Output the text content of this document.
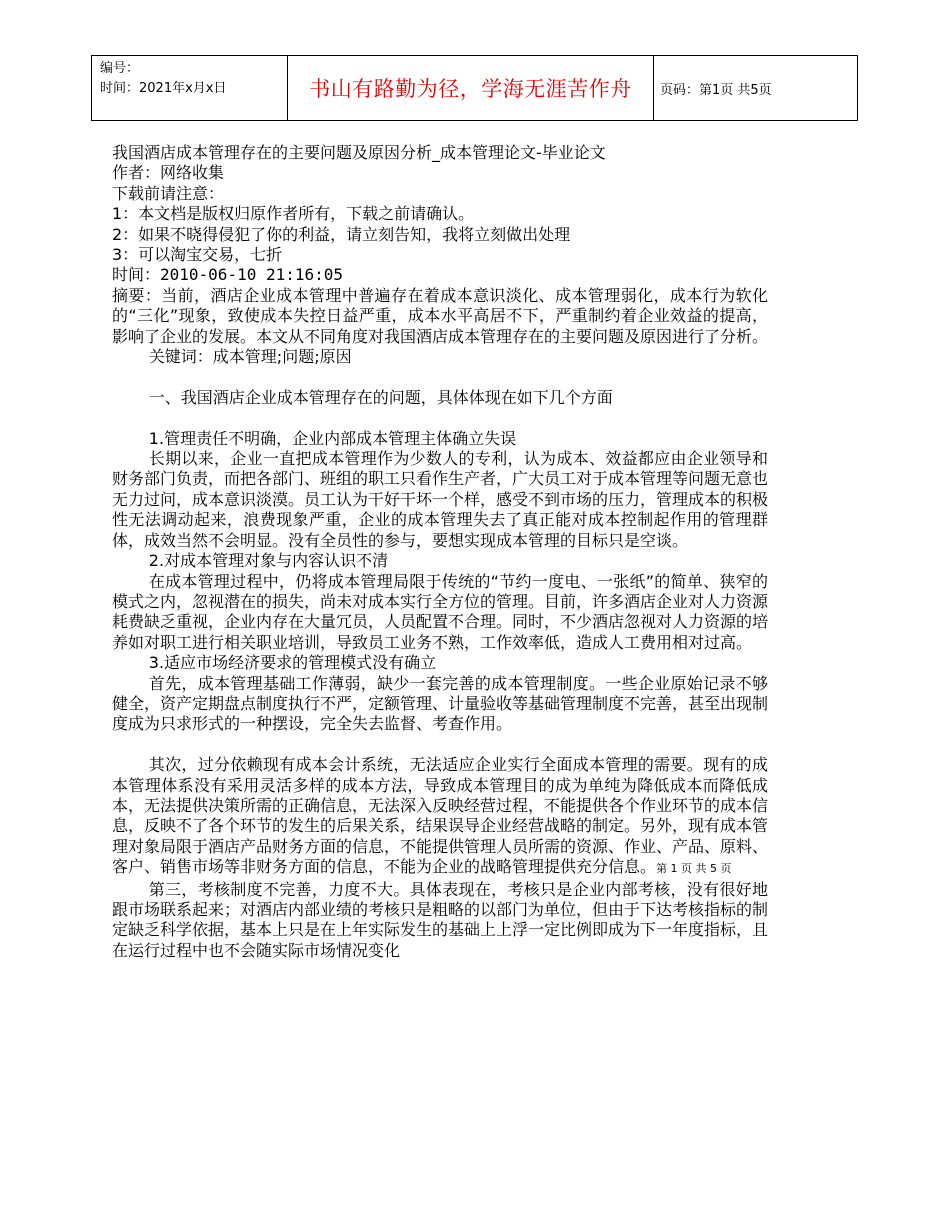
编号：
时间：2021年x月x日	书山有路勤为径，学海无涯苦作舟	页码：第1页 共5页

我国酒店成本管理存在的主要问题及原因分析_成本管理论文-毕业论文

作者：网络收集

下载前请注意：

1：本文档是版权归原作者所有，下载之前请确认。

2：如果不晓得侵犯了你的利益，请立刻告知，我将立刻做出处理

3：可以淘宝交易，七折

时间：2010-06-10 21:16:05

摘要：当前，酒店企业成本管理中普遍存在着成本意识淡化、成本管理弱化，成本行为软化的“三化”现象，致使成本失控日益严重，成本水平高居不下，严重制约着企业效益的提高，影响了企业的发展。本文从不同角度对我国酒店成本管理存在的主要问题及原因进行了分析。

关键词：成本管理;问题;原因

一、我国酒店企业成本管理存在的问题，具体体现在如下几个方面

1.管理责任不明确，企业内部成本管理主体确立失误

长期以来，企业一直把成本管理作为少数人的专利，认为成本、效益都应由企业领导和财务部门负责，而把各部门、班组的职工只看作生产者，广大员工对于成本管理等问题无意也无力过问，成本意识淡漠。员工认为干好干坏一个样，感受不到市场的压力，管理成本的积极性无法调动起来，浪费现象严重，企业的成本管理失去了真正能对成本控制起作用的管理群体，成效当然不会明显。没有全员性的参与，要想实现成本管理的目标只是空谈。

2.对成本管理对象与内容认识不清

在成本管理过程中，仍将成本管理局限于传统的“节约一度电、一张纸”的简单、狭窄的模式之内，忽视潜在的损失，尚未对成本实行全方位的管理。目前，许多酒店企业对人力资源耗费缺乏重视，企业内存在大量冗员，人员配置不合理。同时，不少酒店忽视对人力资源的培养如对职工进行相关职业培训，导致员工业务不熟，工作效率低，造成人工费用相对过高。

3.适应市场经济要求的管理模式没有确立

首先，成本管理基础工作薄弱，缺少一套完善的成本管理制度。一些企业原始记录不够健全，资产定期盘点制度执行不严，定额管理、计量验收等基础管理制度不完善，甚至出现制度成为只求形式的一种摆设，完全失去监督、考查作用。

其次，过分依赖现有成本会计系统，无法适应企业实行全面成本管理的需要。现有的成本管理体系没有采用灵活多样的成本方法，导致成本管理目的成为单纯为降低成本而降低成本，无法提供决策所需的正确信息，无法深入反映经营过程，不能提供各个作业环节的成本信息，反映不了各个环节的发生的后果关系，结果误导企业经营战略的制定。另外，现有成本管理对象局限于酒店产品财务方面的信息，不能提供管理人员所需的资源、作业、产品、原料、客户、销售市场等非财务方面的信息，不能为企业的战略管理提供充分信息。第 1 页 共 5 页

第三，考核制度不完善，力度不大。具体表现在，考核只是企业内部考核，没有很好地跟市场联系起来；对酒店内部业绩的考核只是粗略的以部门为单位，但由于下达考核指标的制定缺乏科学依据，基本上只是在上年实际发生的基础上上浮一定比例即成为下一年度指标，且在运行过程中也不会随实际市场情况变化
